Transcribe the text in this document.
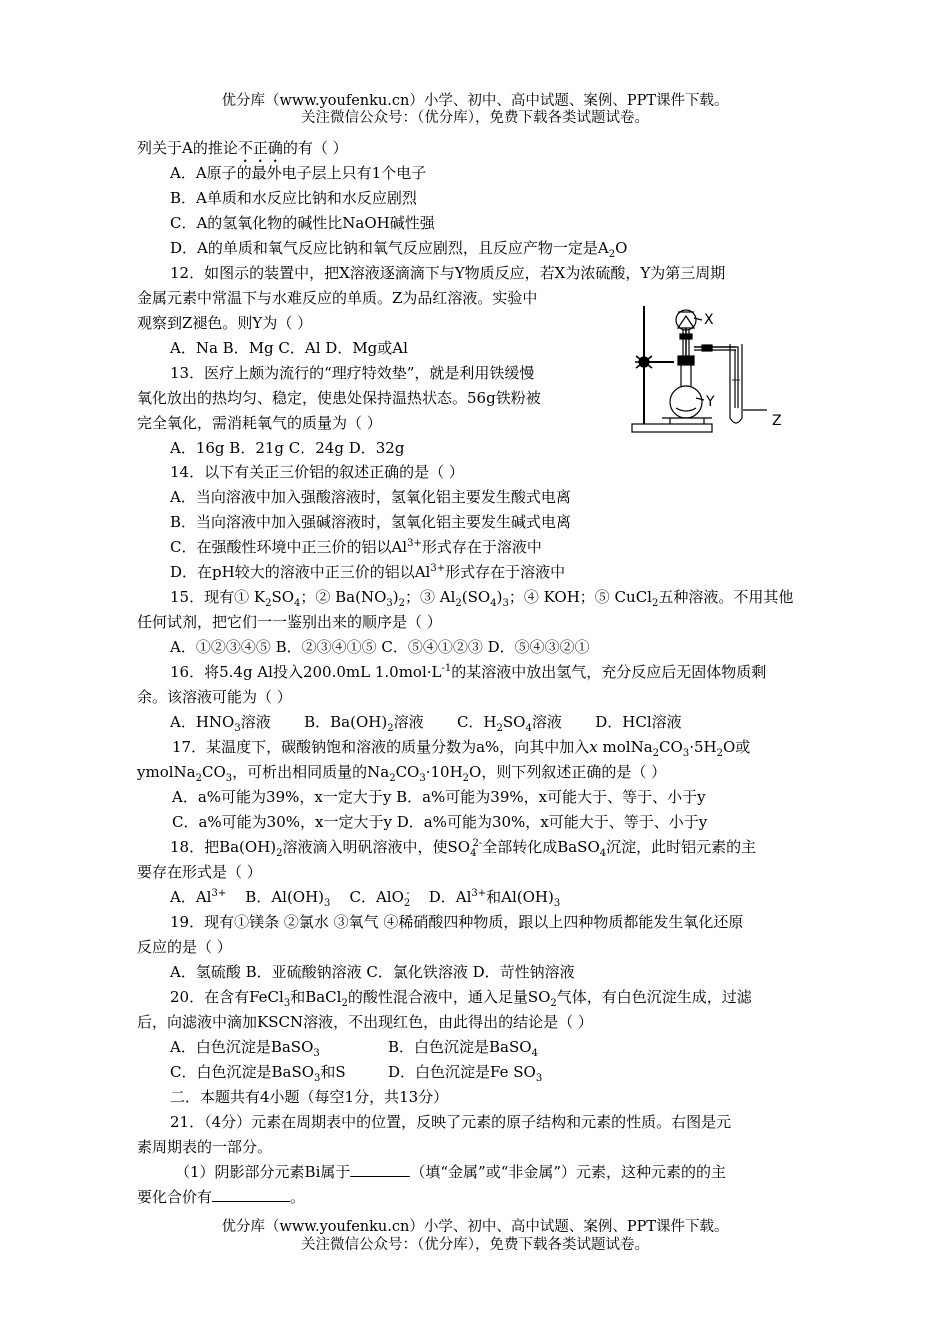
优分库（www.youfenku.cn）小学、初中、高中试题、案例、PPT课件下载。
关注微信公众号：（优分库），免费下载各类试题试卷。
列关于A的推论不正确的有（ ）
A．A原子的最外电子层上只有1个电子
B．A单质和水反应比钠和水反应剧烈
C．A的氢氧化物的碱性比NaOH碱性强
D．A的单质和氧气反应比钠和氧气反应剧烈，且反应产物一定是$A_2O$
12．如图示的装置中，把X溶液逐滴滴下与Y物质反应，若X为浓硫酸，Y为第三周期
金属元素中常温下与水难反应的单质。Z为品红溶液。实验中
观察到Z褪色。则Y为（ ）
A．Na B．Mg C．Al D．Mg或Al
13．医疗上颇为流行的“理疗特效垫”，就是利用铁缓慢
氧化放出的热均匀、稳定，使患处保持温热状态。56g铁粉被
完全氧化，需消耗氧气的质量为（ ）
A．16g B．21g C．24g D．32g
X
Y
Z
14．以下有关正三价铝的叙述正确的是（ ）
A．当向溶液中加入强酸溶液时，氢氧化铝主要发生酸式电离
B．当向溶液中加入强碱溶液时，氢氧化铝主要发生碱式电离
C．在强酸性环境中正三价的铝以$Al^{3+}$形式存在于溶液中
D．在pH较大的溶液中正三价的铝以$Al^{3+}$形式存在于溶液中
15．现有① $K_2SO_4$；② $Ba(NO_3)_2$；③ $Al_2(SO_4)_3$；④ KOH；⑤ CuCl$_2$五种溶液。不用其他
任何试剂，把它们一一鉴别出来的顺序是（ ）
A．①②③④⑤ B．②③④①⑤ C．⑤④①②③ D．⑤④③②①
16．将5.4g Al投入200.0mL $1.0mol\cdot L^{-1}$的某溶液中放出氢气，充分反应后无固体物质剩
余。该溶液可能为（ ）
A．$HNO_3$溶液       B．$Ba(OH)_2$溶液       C．$H_2SO_4$溶液       D．HCl溶液
17．某温度下，碳酸钠饱和溶液的质量分数为a%，向其中加入x $molNa_2CO_3\cdot 5H_2O$或
$ymolNa_2CO_3$，可析出相同质量的$Na_2CO_3\cdot 10H_2O$，则下列叙述正确的是（ ）
A．a%可能为39%，x一定大于y B．a%可能为39%，x可能大于、等于、小于y
C．a%可能为30%，x一定大于y D．a%可能为30%，x可能大于、等于、小于y
18．把$Ba(OH)_2$溶液滴入明矾溶液中，使$SO_4^{2-}$全部转化成BaSO$_4$沉淀，此时铝元素的主
要存在形式是（ ）
A．$Al^{3+}$    B．$Al(OH)_3$    C．AlO$_2$-    D．$Al^{3+}$和$Al(OH)_3$
19．现有①镁条 ②氯水 ③氧气 ④稀硝酸四种物质，跟以上四种物质都能发生氧化还原
反应的是（ ）
A．氢硫酸 B．亚硫酸钠溶液 C．氯化铁溶液 D．苛性钠溶液
20．在含有FeCl$_3$和BaCl$_2$的酸性混合液中，通入足量$SO_2$气体，有白色沉淀生成，过滤
后，向滤液中滴加KSCN溶液，不出现红色，由此得出的结论是（ ）
A．白色沉淀是BaSO$_3$	B．白色沉淀是BaSO$_4$
C．白色沉淀是BaSO$_3$和S	D．白色沉淀是Fe $SO_3$
二．本题共有4小题（每空1分，共13分）
21．（4分）元素在周期表中的位置，反映了元素的原子结构和元素的性质。右图是元
素周期表的一部分。
（1）阴影部分元素Bi属于	（填“金属”或“非金属”）元素，这种元素的的主
要化合价有	。
优分库（www.youfenku.cn）小学、初中、高中试题、案例、PPT课件下载。
关注微信公众号：（优分库），免费下载各类试题试卷。
